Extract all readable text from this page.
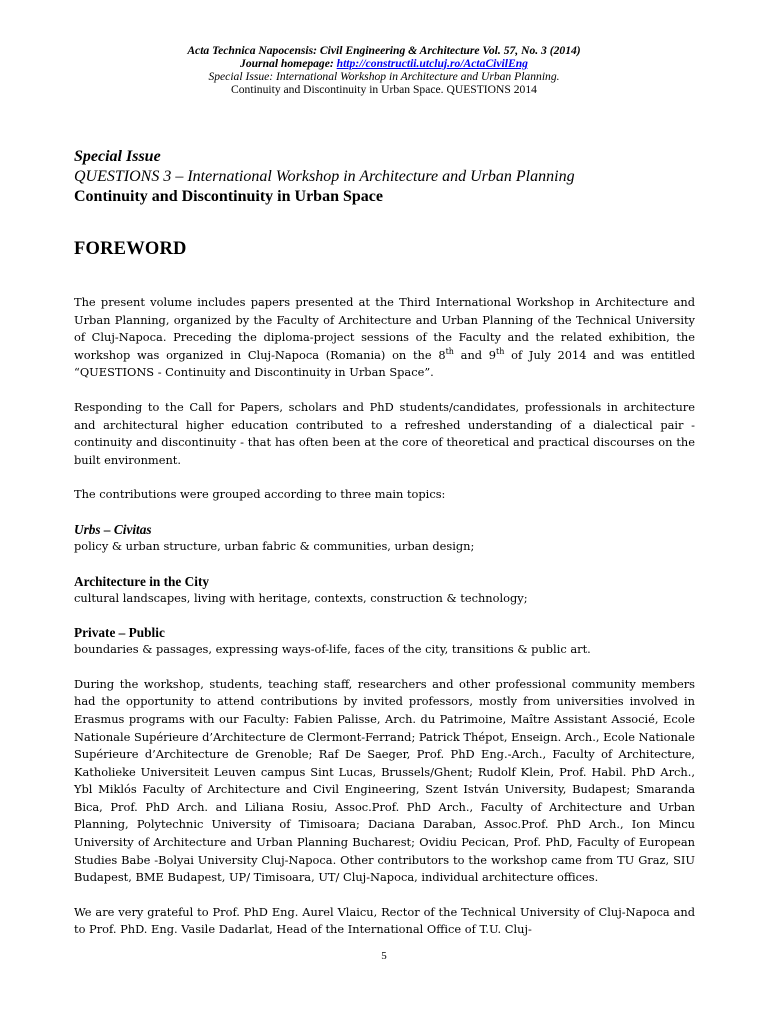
Acta Technica Napocensis: Civil Engineering & Architecture Vol. 57, No. 3 (2014)
Journal homepage: http://constructii.utcluj.ro/ActaCivilEng
Special Issue: International Workshop in Architecture and Urban Planning.
Continuity and Discontinuity in Urban Space. QUESTIONS 2014
Special Issue
QUESTIONS 3 – International Workshop in Architecture and Urban Planning
Continuity and Discontinuity in Urban Space
FOREWORD

The present volume includes papers presented at the Third International Workshop in Architecture and Urban Planning, organized by the Faculty of Architecture and Urban Planning of the Technical University of Cluj-Napoca. Preceding the diploma-project sessions of the Faculty and the related exhibition, the workshop was organized in Cluj-Napoca (Romania) on the 8th and 9th of July 2014 and was entitled “QUESTIONS - Continuity and Discontinuity in Urban Space”.

Responding to the Call for Papers, scholars and PhD students/candidates, professionals in architecture and architectural higher education contributed to a refreshed understanding of a dialectical pair - continuity and discontinuity - that has often been at the core of theoretical and practical discourses on the built environment.

The contributions were grouped according to three main topics:

Urbs – Civitas
policy & urban structure, urban fabric & communities, urban design;
Architecture in the City
cultural landscapes, living with heritage, contexts, construction & technology;
Private – Public
boundaries & passages, expressing ways-of-life, faces of the city, transitions & public art.

During the workshop, students, teaching staff, researchers and other professional community members had the opportunity to attend contributions by invited professors, mostly from universities involved in Erasmus programs with our Faculty: Fabien Palisse, Arch. du Patrimoine, Maître Assistant Associé, Ecole Nationale Supérieure d’Architecture de Clermont-Ferrand; Patrick Thépot, Enseign. Arch., Ecole Nationale Supérieure d’Architecture de Grenoble; Raf De Saeger, Prof. PhD Eng.-Arch., Faculty of Architecture, Katholieke Universiteit Leuven campus Sint Lucas, Brussels/Ghent; Rudolf Klein, Prof. Habil. PhD Arch., Ybl Miklós Faculty of Architecture and Civil Engineering, Szent István University, Budapest; Smaranda Bica, Prof. PhD Arch. and Liliana Rosiu, Assoc.Prof. PhD Arch., Faculty of Architecture and Urban Planning, Polytechnic University of Timisoara; Daciana Daraban, Assoc.Prof. PhD Arch., Ion Mincu University of Architecture and Urban Planning Bucharest; Ovidiu Pecican, Prof. PhD, Faculty of European Studies Babe -Bolyai University Cluj-Napoca. Other contributors to the workshop came from TU Graz, SIU Budapest, BME Budapest, UP/ Timisoara, UT/ Cluj-Napoca, individual architecture offices.

We are very grateful to Prof. PhD Eng. Aurel Vlaicu, Rector of the Technical University of Cluj-Napoca and to Prof. PhD. Eng. Vasile Dadarlat, Head of the International Office of T.U. Cluj-

5
